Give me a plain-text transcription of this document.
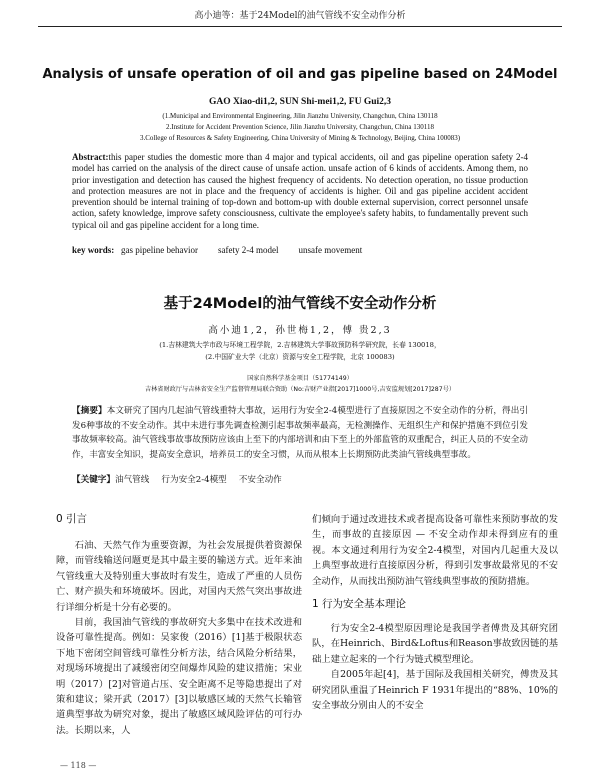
高小迪等：基于24Model的油气管线不安全动作分析
Analysis of unsafe operation of oil and gas pipeline based on 24Model
GAO Xiao-di1,2, SUN Shi-mei1,2, FU Gui2,3
(1.Municipal and Environmental Engineering, Jilin Jianzhu University, Changchun, China 130118
2.Institute for Accident Prevention Science, Jilin Jianzhu University, Changchun, China 130118
3.College of Resources & Safety Engineering, China University of Mining & Technology, Beijing, China 100083)
Abstract:this paper studies the domestic more than 4 major and typical accidents, oil and gas pipeline operation safety 2-4 model has carried on the analysis of the direct cause of unsafe action. unsafe action of 6 kinds of accidents. Among them, no prior investigation and detection has caused the highest frequency of accidents. No detection operation, no tissue production and protection measures are not in place and the frequency of accidents is higher. Oil and gas pipeline accident accident prevention should be internal training of top-down and bottom-up with double external supervision, correct personnel unsafe action, safety knowledge, improve safety consciousness, cultivate the employee's safety habits, to fundamentally prevent such typical oil and gas pipeline accident for a long time.
key words: gas pipeline behavior safety 2-4 model unsafe movement
基于24Model的油气管线不安全动作分析
高小迪1,2，孙世梅1,2，傅 贵2,3
(1.吉林建筑大学市政与环境工程学院，2.吉林建筑大学事故预防科学研究院，长春 130018，
(2.中国矿业大学（北京）资源与安全工程学院，北京 100083)
国家自然科学基金项目（51774149）
吉林省财政厅与吉林省安全生产监督管理局联合资助（No:吉财产业指[2017]1000号,吉安监规划[2017]287号）
【摘要】本文研究了国内几起油气管线重特大事故，运用行为安全2-4模型进行了直接原因之不安全动作的分析，得出引发6种事故的不安全动作。其中未进行事先调查检测引起事故频率最高，无检测操作、无组织生产和保护措施不到位引发事故频率较高。油气管线事故事故预防应该由上至下的内部培训和由下至上的外部监管的双重配合，纠正人员的不安全动作，丰富安全知识，提高安全意识，培养员工的安全习惯，从而从根本上长期预防此类油气管线典型事故。
【关键字】油气管线 行为安全2-4模型 不安全动作
0 引言

石油、天然气作为重要资源，为社会发展提供着资源保障，而管线输送问题更是其中最主要的输送方式。近年来油气管线重大及特别重大事故时有发生，造成了严重的人员伤亡、财产损失和环境破坏。因此，对国内天然气突出事故进行详细分析是十分有必要的。

目前，我国油气管线的事故研究大多集中在技术改进和设备可靠性提高。例如：吴家俊（2016）[1]基于极限状态下地下密闭空间管线可靠性分析方法，结合风险分析结果，对现场环境提出了减缓密闭空间爆炸风险的建议措施；宋业明（2017）[2]对管道占压、安全距离不足等隐患提出了对策和建议；梁开武（2017）[3]以敏感区域的天然气长输管道典型事故为研究对象，提出了敏感区域风险评估的可行办法。长期以来，人

们倾向于通过改进技术或者提高设备可靠性来预防事故的发生，而事故的直接原因 — 不安全动作却未得到应有的重视。本文通过利用行为安全2-4模型，对国内几起重大及以上典型事故进行直接原因分析，得到引发事故最常见的不安全动作，从而找出预防油气管线典型事故的预防措施。

1 行为安全基本理论

行为安全2-4模型原因理论是我国学者傅贵及其研究团队，在Heinrich、Bird&Loftus和Reason事故致因链的基础上建立起来的一个行为链式模型理论。

自2005年起[4]，基于国际及我国相关研究，傅贵及其研究团队重温了Heinrich F 1931年提出的“88%、10%的安全事故分别由人的不安全

— 118 —
